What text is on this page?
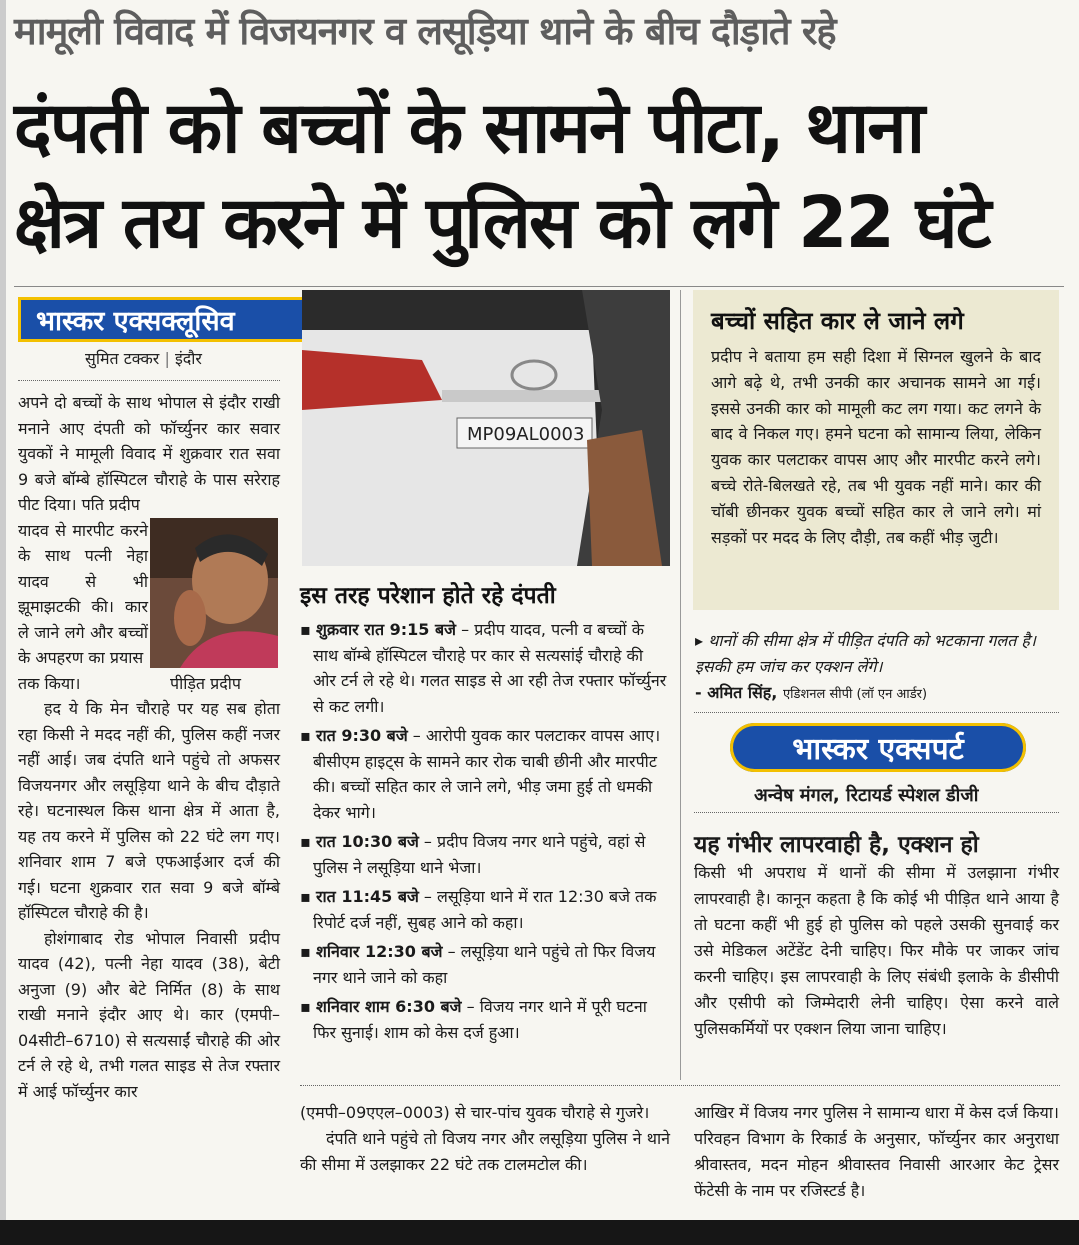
मामूली विवाद में विजयनगर व लसूड़िया थाने के बीच दौड़ाते रहे
दंपती को बच्चों के सामने पीटा, थाना
क्षेत्र तय करने में पुलिस को लगे 22 घंटे
भास्कर एक्सक्लूसिव
सुमित टक्कर | इंदौर

अपने दो बच्चों के साथ भोपाल से इंदौर राखी मनाने आए दंपती को फॉर्च्युनर कार सवार युवकों ने मामूली विवाद में शुक्रवार रात सवा 9 बजे बॉम्बे हॉस्पिटल चौराहे के पास सरेराह पीट दिया। पति प्रदीप

यादव से मारपीट करने के साथ पत्नी नेहा यादव से भी झूमाझटकी की। कार ले जाने लगे और बच्चों के अपहरण का प्रयास

तक किया।

हद ये कि मेन चौराहे पर यह सब होता रहा किसी ने मदद नहीं की, पुलिस कहीं नजर नहीं आई। जब दंपति थाने पहुंचे तो अफसर विजयनगर और लसूड़िया थाने के बीच दौड़ाते रहे। घटनास्थल किस थाना क्षेत्र में आता है, यह तय करने में पुलिस को 22 घंटे लग गए। शनिवार शाम 7 बजे एफआईआर दर्ज की गई। घटना शुक्रवार रात सवा 9 बजे बॉम्बे हॉस्पिटल चौराहे की है।

होशंगाबाद रोड भोपाल निवासी प्रदीप यादव (42), पत्नी नेहा यादव (38), बेटी अनुजा (9) और बेटे निर्मित (8) के साथ राखी मनाने इंदौर आए थे। कार (एमपी–04सीटी–6710) से सत्यसाईं चौराहे की ओर टर्न ले रहे थे, तभी गलत साइड से तेज रफ्तार में आई फॉर्च्युनर कार

पीड़ित प्रदीप
MP09AL0003
इस तरह परेशान होते रहे दंपती
▪ शुक्रवार रात 9:15 बजे – प्रदीप यादव, पत्नी व बच्चों के साथ बॉम्बे हॉस्पिटल चौराहे पर कार से सत्यसांई चौराहे की ओर टर्न ले रहे थे। गलत साइड से आ रही तेज रफ्तार फॉर्च्युनर से कट लगी।
▪ रात 9:30 बजे – आरोपी युवक कार पलटाकर वापस आए। बीसीएम हाइट्स के सामने कार रोक चाबी छीनी और मारपीट की। बच्चों सहित कार ले जाने लगे, भीड़ जमा हुई तो धमकी देकर भागे।
▪ रात 10:30 बजे – प्रदीप विजय नगर थाने पहुंचे, वहां से पुलिस ने लसूड़िया थाने भेजा।
▪ रात 11:45 बजे – लसूड़िया थाने में रात 12:30 बजे तक रिपोर्ट दर्ज नहीं, सुबह आने को कहा।
▪ शनिवार 12:30 बजे – लसूड़िया थाने पहुंचे तो फिर विजय नगर थाने जाने को कहा
▪ शनिवार शाम 6:30 बजे – विजय नगर थाने में पूरी घटना फिर सुनाई। शाम को केस दर्ज हुआ।
बच्चों सहित कार ले जाने लगे
प्रदीप ने बताया हम सही दिशा में सिग्नल खुलने के बाद आगे बढ़े थे, तभी उनकी कार अचानक सामने आ गई। इससे उनकी कार को मामूली कट लग गया। कट लगने के बाद वे निकल गए। हमने घटना को सामान्य लिया, लेकिन युवक कार पलटाकर वापस आए और मारपीट करने लगे। बच्चे रोते-बिलखते रहे, तब भी युवक नहीं माने। कार की चॉबी छीनकर युवक बच्चों सहित कार ले जाने लगे। मां सड़कों पर मदद के लिए दौड़ी, तब कहीं भीड़ जुटी।
▸ थानों की सीमा क्षेत्र में पीड़ित दंपति को भटकाना गलत है। इसकी हम जांच कर एक्शन लेंगे।
- अमित सिंह, एडिशनल सीपी (लॉ एन आर्डर)
भास्कर एक्सपर्ट
अन्वेष मंगल, रिटायर्ड स्पेशल डीजी
यह गंभीर लापरवाही है, एक्शन हो
किसी भी अपराध में थानों की सीमा में उलझाना गंभीर लापरवाही है। कानून कहता है कि कोई भी पीड़ित थाने आया है तो घटना कहीं भी हुई हो पुलिस को पहले उसकी सुनवाई कर उसे मेडिकल अटेंडेंट देनी चाहिए। फिर मौके पर जाकर जांच करनी चाहिए। इस लापरवाही के लिए संबंधी इलाके के डीसीपी और एसीपी को जिम्मेदारी लेनी चाहिए। ऐसा करने वाले पुलिसकर्मियों पर एक्शन लिया जाना चाहिए।
(एमपी–09एएल–0003) से चार-पांच युवक चौराहे से गुजरे।
दंपति थाने पहुंचे तो विजय नगर और लसूड़िया पुलिस ने थाने की सीमा में उलझाकर 22 घंटे तक टालमटोल की।
आखिर में विजय नगर पुलिस ने सामान्य धारा में केस दर्ज किया। परिवहन विभाग के रिकार्ड के अनुसार, फॉर्च्युनर कार अनुराधा श्रीवास्तव, मदन मोहन श्रीवास्तव निवासी आरआर केट ट्रेसर फेंटेसी के नाम पर रजिस्टर्ड है।
